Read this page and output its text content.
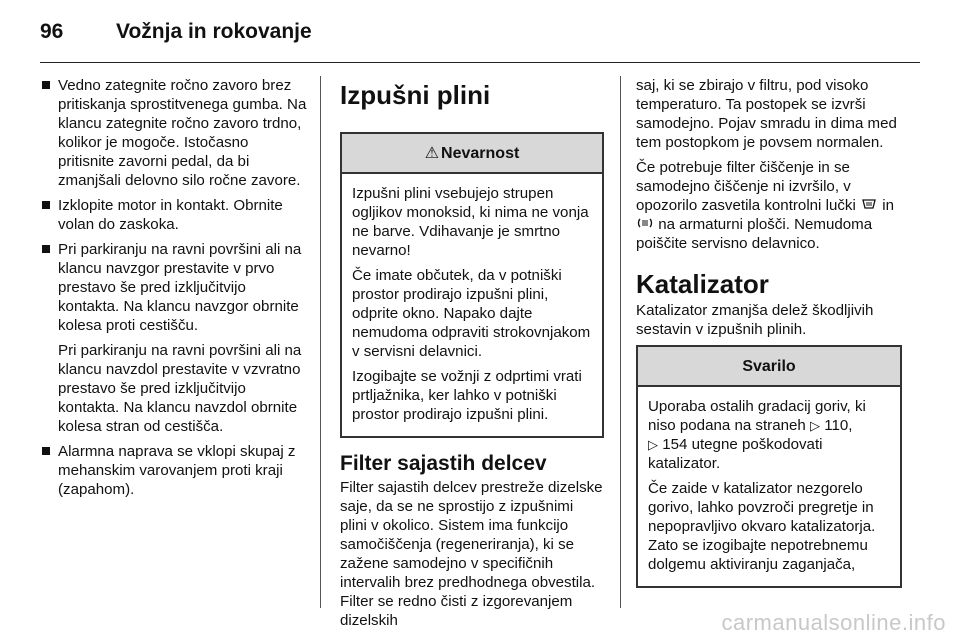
96	Vožnja in rokovanje
Vedno zategnite ročno zavoro brez pritiskanja sprostitvenega gumba. Na klancu zategnite ročno zavoro trdno, kolikor je mogoče. Istočasno pritisnite zavorni pedal, da bi zmanjšali delovno silo ročne zavore.
Izklopite motor in kontakt. Obrnite volan do zaskoka.
Pri parkiranju na ravni površini ali na klancu navzgor prestavite v prvo prestavo še pred izključitvijo kontakta. Na klancu navzgor obrnite kolesa proti cestišču.
Pri parkiranju na ravni površini ali na klancu navzdol prestavite v vzvratno prestavo še pred izključitvijo kontakta. Na klancu navzdol obrnite kolesa stran od cestišča.
Alarmna naprava se vklopi skupaj z mehanskim varovanjem proti kraji (zapahom).
Izpušni plini
⚠ Nevarnost

Izpušni plini vsebujejo strupen ogljikov monoksid, ki nima ne vonja ne barve. Vdihavanje je smrtno nevarno!

Če imate občutek, da v potniški prostor prodirajo izpušni plini, odprite okno. Napako dajte nemudoma odpraviti strokovnjakom v servisni delavnici.

Izogibajte se vožnji z odprtimi vrati prtljažnika, ker lahko v potniški prostor prodirajo izpušni plini.

Filter sajastih delcev

Filter sajastih delcev prestreže dizelske saje, da se ne sprostijo z izpušnimi plini v okolico. Sistem ima funkcijo samočiščenja (regeneriranja), ki se zažene samodejno v specifičnih intervalih brez predhodnega obvestila. Filter se redno čisti z izgorevanjem dizelskih

saj, ki se zbirajo v filtru, pod visoko temperaturo. Ta postopek se izvrši samodejno. Pojav smradu in dima med tem postopkom je povsem normalen.

Če potrebuje filter čiščenje in se samodejno čiščenje ni izvršilo, v opozorilo zasvetila kontrolni lučki in  na armaturni plošči. Nemudoma poiščite servisno delavnico.

Katalizator

Katalizator zmanjša delež škodljivih sestavin v izpušnih plinih.

Svarilo

Uporaba ostalih gradacij goriv, ki niso podana na straneh ▷ 110,
▷ 154 utegne poškodovati katalizator.

Če zaide v katalizator nezgorelo gorivo, lahko povzroči pregretje in nepopravljivo okvaro katalizatorja. Zato se izogibajte nepotrebnemu dolgemu aktiviranju zaganjača,

carmanualsonline.info
